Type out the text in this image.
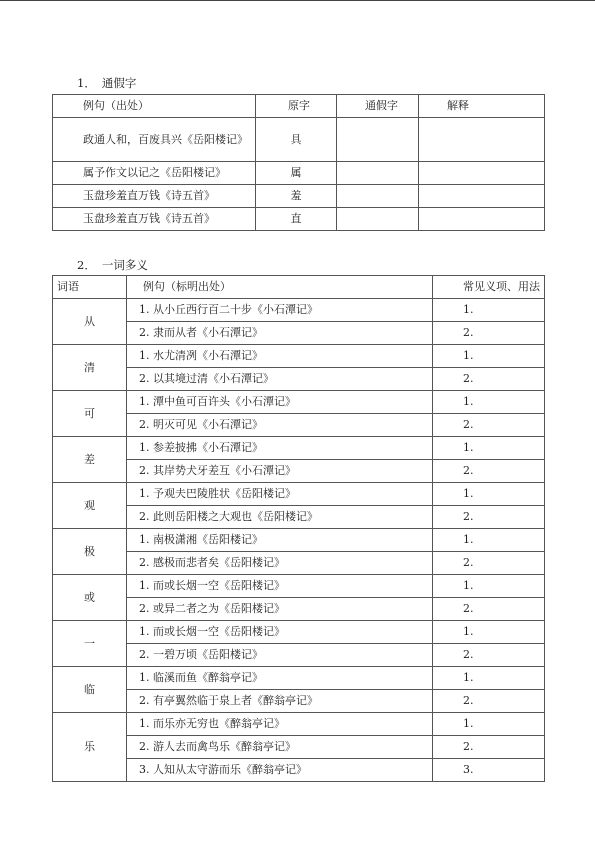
1． 通假字
例句（出处）	原字	通假字	解释
政通人和，百废具兴《岳阳楼记》	具		
属予作文以记之《岳阳楼记》	属		
玉盘珍羞直万钱《诗五首》	羞		
玉盘珍羞直万钱《诗五首》	直		
2． 一词多义
词语	例句（标明出处）	常见义项、用法
从	1. 从小丘西行百二十步《小石潭记》	1.
	2. 隶而从者《小石潭记》	2.
清	1. 水尤清冽《小石潭记》	1.
	2. 以其境过清《小石潭记》	2.
可	1. 潭中鱼可百许头《小石潭记》	1.
	2. 明灭可见《小石潭记》	2.
差	1. 参差披拂《小石潭记》	1.
	2. 其岸势犬牙差互《小石潭记》	2.
观	1. 予观夫巴陵胜状《岳阳楼记》	1.
	2. 此则岳阳楼之大观也《岳阳楼记》	2.
极	1. 南极潇湘《岳阳楼记》	1.
	2. 感极而悲者矣《岳阳楼记》	2.
或	1. 而或长烟一空《岳阳楼记》	1.
	2. 或异二者之为《岳阳楼记》	2.
一	1. 而或长烟一空《岳阳楼记》	1.
	2. 一碧万顷《岳阳楼记》	2.
临	1. 临溪而鱼《醉翁亭记》	1.
	2. 有亭翼然临于泉上者《醉翁亭记》	2.
乐	1. 而乐亦无穷也《醉翁亭记》	1.
	2. 游人去而禽鸟乐《醉翁亭记》	2.
	3. 人知从太守游而乐《醉翁亭记》	3.
